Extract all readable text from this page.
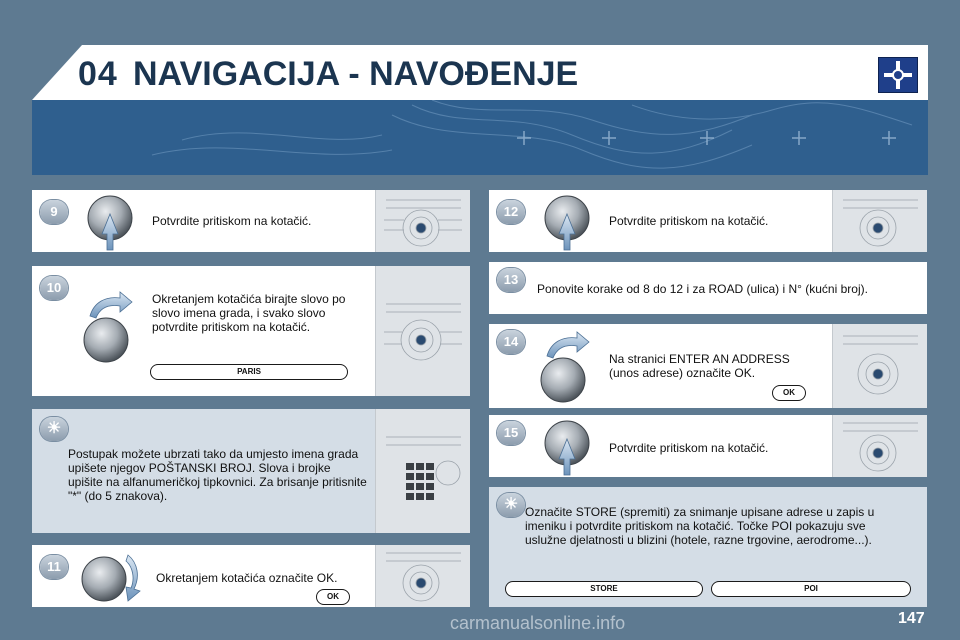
04 NAVIGACIJA - NAVOĐENJE
9
Potvrdite pritiskom na kotačić.
10
Okretanjem kotačića birajte slovo po slovo imena grada, i svako slovo potvrdite pritiskom na kotačić.
PARIS
☀
Postupak možete ubrzati tako da umjesto imena grada upišete njegov POŠTANSKI BROJ. Slova i brojke upišite na alfanumeričkoj tipkovnici. Za brisanje pritisnite "*" (do 5 znakova).
11
Okretanjem kotačića označite OK.
OK
12
Potvrdite pritiskom na kotačić.
13
Ponovite korake od 8 do 12 i za ROAD (ulica) i N° (kućni broj).
14
Na stranici ENTER AN ADDRESS (unos adrese) označite OK.
OK
15
Potvrdite pritiskom na kotačić.
☀ Označite STORE (spremiti) za snimanje upisane adrese u zapis u imeniku i potvrdite pritiskom na kotačić. Točke POI pokazuju sve uslužne djelatnosti u blizini (hotele, razne trgovine, aerodrome...).
STORE	POI
147
carmanualsonline.info
